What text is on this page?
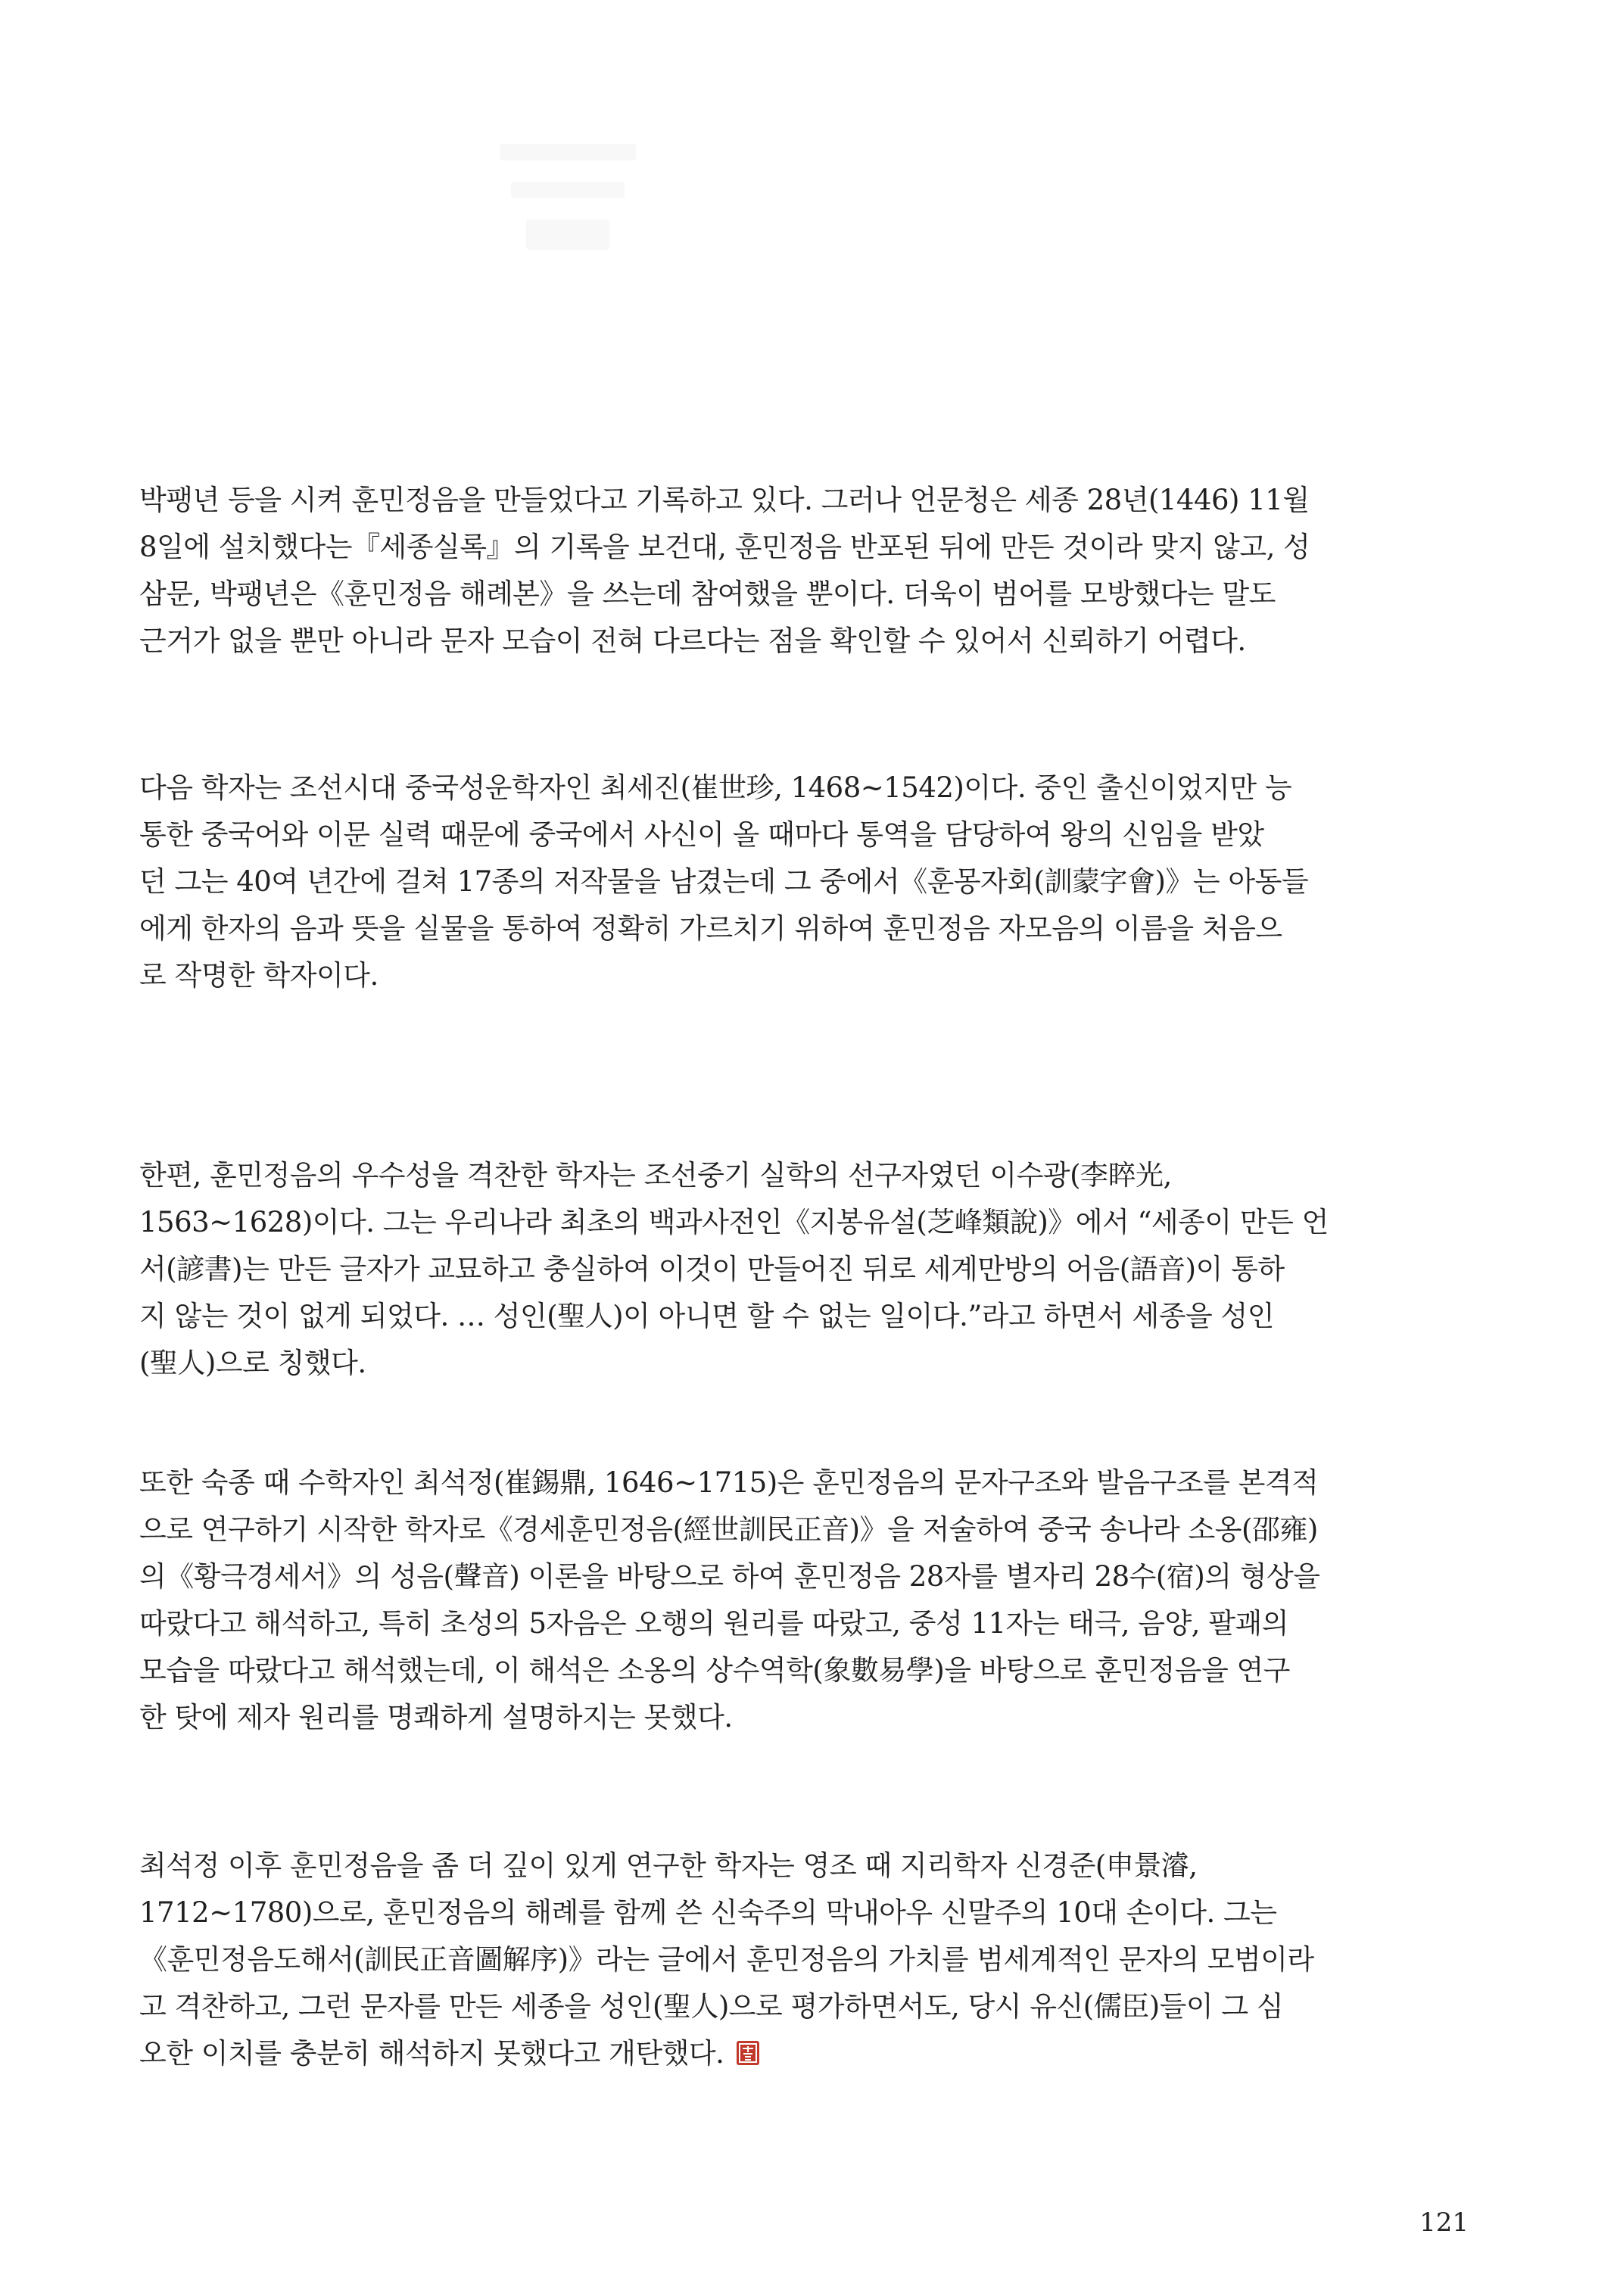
박팽년 등을 시켜 훈민정음을 만들었다고 기록하고 있다. 그러나 언문청은 세종 28년(1446) 11월
8일에 설치했다는『세종실록』의 기록을 보건대, 훈민정음 반포된 뒤에 만든 것이라 맞지 않고, 성
삼문, 박팽년은《훈민정음 해례본》을 쓰는데 참여했을 뿐이다. 더욱이 범어를 모방했다는 말도
근거가 없을 뿐만 아니라 문자 모습이 전혀 다르다는 점을 확인할 수 있어서 신뢰하기 어렵다.
다음 학자는 조선시대 중국성운학자인 최세진(崔世珍, 1468~1542)이다. 중인 출신이었지만 능
통한 중국어와 이문 실력 때문에 중국에서 사신이 올 때마다 통역을 담당하여 왕의 신임을 받았
던 그는 40여 년간에 걸쳐 17종의 저작물을 남겼는데 그 중에서《훈몽자회(訓蒙字會)》는 아동들
에게 한자의 음과 뜻을 실물을 통하여 정확히 가르치기 위하여 훈민정음 자모음의 이름을 처음으
로 작명한 학자이다.
한편, 훈민정음의 우수성을 격찬한 학자는 조선중기 실학의 선구자였던 이수광(李睟光,
1563~1628)이다. 그는 우리나라 최초의 백과사전인《지봉유설(芝峰類說)》에서 “세종이 만든 언
서(諺書)는 만든 글자가 교묘하고 충실하여 이것이 만들어진 뒤로 세계만방의 어음(語音)이 통하
지 않는 것이 없게 되었다. … 성인(聖人)이 아니면 할 수 없는 일이다.”라고 하면서 세종을 성인
(聖人)으로 칭했다.
또한 숙종 때 수학자인 최석정(崔錫鼎, 1646~1715)은 훈민정음의 문자구조와 발음구조를 본격적
으로 연구하기 시작한 학자로《경세훈민정음(經世訓民正音)》을 저술하여 중국 송나라 소옹(邵雍)
의《황극경세서》의 성음(聲音) 이론을 바탕으로 하여 훈민정음 28자를 별자리 28수(宿)의 형상을
따랐다고 해석하고, 특히 초성의 5자음은 오행의 원리를 따랐고, 중성 11자는 태극, 음양, 팔괘의
모습을 따랐다고 해석했는데, 이 해석은 소옹의 상수역학(象數易學)을 바탕으로 훈민정음을 연구
한 탓에 제자 원리를 명쾌하게 설명하지는 못했다.
최석정 이후 훈민정음을 좀 더 깊이 있게 연구한 학자는 영조 때 지리학자 신경준(申景濬,
1712~1780)으로, 훈민정음의 해례를 함께 쓴 신숙주의 막내아우 신말주의 10대 손이다. 그는
《훈민정음도해서(訓民正音圖解序)》라는 글에서 훈민정음의 가치를 범세계적인 문자의 모범이라
고 격찬하고, 그런 문자를 만든 세종을 성인(聖人)으로 평가하면서도, 당시 유신(儒臣)들이 그 심
오한 이치를 충분히 해석하지 못했다고 개탄했다.
121
